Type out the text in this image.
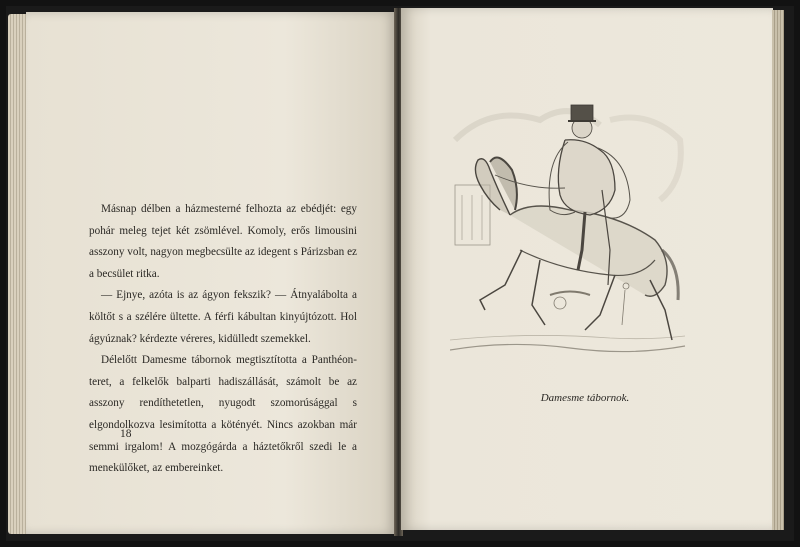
Másnap délben a házmesterné felhozta az ebédjét: egy pohár meleg tejet két zsömlével. Komoly, erős limousini asszony volt, nagyon megbecsülte az idegent s Párizsban ez a becsület ritka.

— Ejnye, azóta is az ágyon fekszik? — Átnyalábolta a költőt s a szélére ültette. A férfi kábultan kinyújtózott. Hol ágyúznak? kérdezte véreres, kidülledt szemekkel.

Délelőtt Damesme tábornok megtisztította a Panthéon-teret, a felkelők balparti hadiszállását, számolt be az asszony rendíthetetlen, nyugodt szomorúsággal s elgondolkozva lesimította a kötényét. Nincs azokban már semmi irgalom! A mozgógárda a háztetőkről szedi le a menekülőket, az embereinket.

18
Damesme tábornok.
